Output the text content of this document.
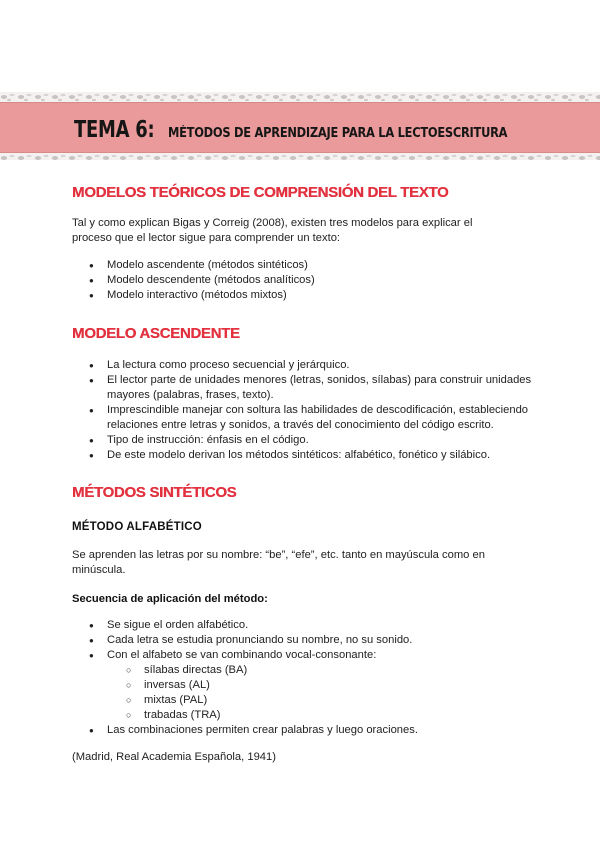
TEMA 6: MÉTODOS DE APRENDIZAJE PARA LA LECTOESCRITURA
MODELOS TEÓRICOS DE COMPRENSIÓN DEL TEXTO

Tal y como explican Bigas y Correig (2008), existen tres modelos para explicar el proceso que el lector sigue para comprender un texto:

● Modelo ascendente (métodos sintéticos)
● Modelo descendente (métodos analíticos)
● Modelo interactivo (métodos mixtos)
MODELO ASCENDENTE
● La lectura como proceso secuencial y jerárquico.
● El lector parte de unidades menores (letras, sonidos, sílabas) para construir unidades mayores (palabras, frases, texto).
● Imprescindible manejar con soltura las habilidades de descodificación, estableciendo relaciones entre letras y sonidos, a través del conocimiento del código escrito.
● Tipo de instrucción: énfasis en el código.
● De este modelo derivan los métodos sintéticos: alfabético, fonético y silábico.
MÉTODOS SINTÉTICOS

MÉTODO ALFABÉTICO

Se aprenden las letras por su nombre: “be”, “efe”, etc. tanto en mayúscula como en minúscula.

Secuencia de aplicación del método:

● Se sigue el orden alfabético.
● Cada letra se estudia pronunciando su nombre, no su sonido.
● Con el alfabeto se van combinando vocal-consonante:
○ sílabas directas (BA)
○ inversas (AL)
○ mixtas (PAL)
○ trabadas (TRA)
● Las combinaciones permiten crear palabras y luego oraciones.

(Madrid, Real Academia Española, 1941)
